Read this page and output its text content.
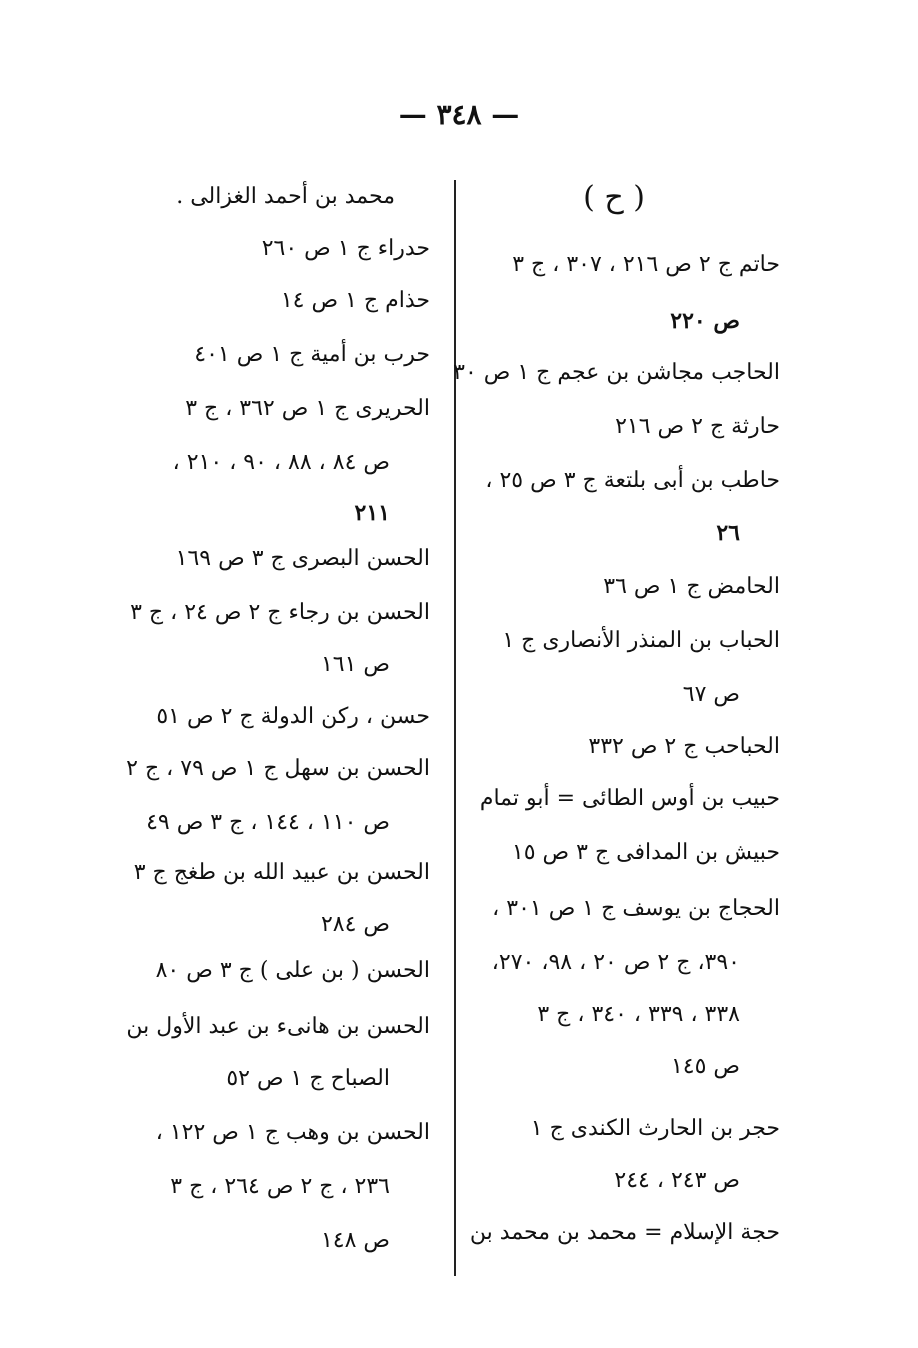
— ٣٤٨ —
( ح )
حاتم ج ٢ ص ٢١٦ ، ٣٠٧ ، ج ٣
ص ٢٢٠
الحاجب مجاشن بن عجم ج ١ ص ٣٠
حارثة ج ٢ ص ٢١٦
حاطب بن أبى بلتعة ج ٣ ص ٢٥ ،
٢٦
الحامض ج ١ ص ٣٦
الحباب بن المنذر الأنصارى ج ١
ص ٦٧
الحباحب ج ٢ ص ٣٣٢
حبيب بن أوس الطائى = أبو تمام
حبيش بن المدافى ج ٣ ص ١٥
الحجاج بن يوسف ج ١ ص ٣٠١ ،
٣٩٠، ج ٢ ص ٢٠ ، ٩٨، ٢٧٠،
٣٣٨ ، ٣٣٩ ، ٣٤٠ ، ج ٣
ص ١٤٥
حجر بن الحارث الكندى ج ١
ص ٢٤٣ ، ٢٤٤
حجة الإسلام = محمد بن محمد بن
محمد بن أحمد الغزالى .
حدراء ج ١ ص ٢٦٠
حذام ج ١ ص ١٤
حرب بن أمية ج ١ ص ٤٠١
الحريرى ج ١ ص ٣٦٢ ، ج ٣
ص ٨٤ ، ٨٨ ، ٩٠ ، ٢١٠ ،
٢١١
الحسن البصرى ج ٣ ص ١٦٩
الحسن بن رجاء ج ٢ ص ٢٤ ، ج ٣
ص ١٦١
حسن ، ركن الدولة ج ٢ ص ٥١
الحسن بن سهل ج ١ ص ٧٩ ، ج ٢
ص ١١٠ ، ١٤٤ ، ج ٣ ص ٤٩
الحسن بن عبيد الله بن طغج ج ٣
ص ٢٨٤
الحسن ( بن على ) ج ٣ ص ٨٠
الحسن بن هانىء بن عبد الأول بن
الصباح ج ١ ص ٥٢
الحسن بن وهب ج ١ ص ١٢٢ ،
٢٣٦ ، ج ٢ ص ٢٦٤ ، ج ٣
ص ١٤٨
